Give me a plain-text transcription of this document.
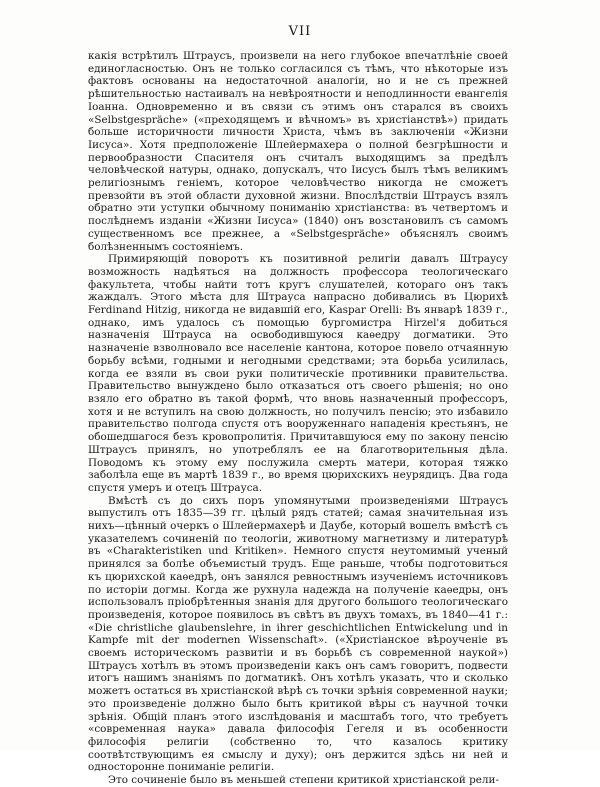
VII

какія встрѣтилъ Штраусъ, произвели на него глубокое впечатлѣніе своей единогласностью. Онъ не только согласился съ тѣмъ, что нѣкоторые изъ фактовъ основаны на недостаточной аналогіи, но и не съ прежней рѣшительностью настаивалъ на невѣроятности и неподлинности евангелія Іоанна. Одновременно и въ связи съ этимъ онъ старался въ своихъ «Selbstgespräche» («преходящемъ и вѣчномъ» въ христіанствѣ») придать больше историчности личности Христа, чѣмъ въ заключеніи «Жизни Іисуса». Хотя предположеніе Шлейермахера о полной безгрѣшности и первообразности Спасителя онъ считалъ выходящимъ за предѣлъ человѣческой натуры, однако, допускалъ, что Іисусъ былъ тѣмъ великимъ религіознымъ геніемъ, которое человѣчество никогда не сможетъ превзойти въ этой области духовной жизни. Впослѣдствіи Штраусъ взялъ обратно эти уступки обычному пониманію христіанства: въ четвертомъ и послѣднемъ изданіи «Жизни Іисуса» (1840) онъ возстановилъ съ самомъ существенномъ все прежнее, а «Selbstgespräche» объяснялъ своимъ болѣзненнымъ состояніемъ.

Примиряющій поворотъ къ позитивной религіи давалъ Штраусу возможность надѣяться на должность профессора теологическаго факультета, чтобы найти тотъ кругъ слушателей, котораго онъ такъ жаждалъ. Этого мѣста для Штрауса напрасно добивались въ Цюрихѣ Ferdinand Hitzig, никогда не видавшій его, Kaspar Orelli: Въ январѣ 1839 г., однако, имъ удалось съ помощью бургомистра Hirzel'я добиться назначенія Штрауса на освободившуюся каѳедру догматики. Это назначеніе взволновало все населеніе кантона, которое повело отчаянную борьбу всѣми, годными и негодными средствами; эта борьба усилилась, когда ее взяли въ свои руки политическіе противники правительства. Правительство вынуждено было отказаться отъ своего рѣшенія; но оно взяло его обратно въ такой формѣ, что вновь назначенный профессоръ, хотя и не вступилъ на свою должность, но получилъ пенсію; это избавило правительство полгода спустя отъ вооруженнаго нападенія крестьянъ, не обошедшагося безъ кровопролитія. Причитавшуюся ему по закону пенсію Штраусъ принялъ, но употреблялъ ее на благотворительныя дѣла. Поводомъ къ этому ему послужила смерть матери, которая тяжко заболѣла еще въ мартѣ 1839 г., во время цюрихскихъ неурядицъ. Два года спустя умеръ и отецъ Штрауса.

Вмѣстѣ съ до сихъ поръ упомянутыми произведеніями Штраусъ выпустилъ отъ 1835—39 гг. цѣлый рядъ статей; самая значительная изъ нихъ—цѣнный очеркъ о Шлейермахерѣ и Даубе, который вошелъ вмѣстѣ съ указателемъ сочиненій по теологіи, животному магнетизму и литературѣ въ «Charakteristiken und Kritiken». Немного спустя неутомимый ученый принялся за болѣе объемистый трудъ. Еще раньше, чтобы подготовиться къ цюрихской каѳедрѣ, онъ занялся ревностнымъ изученіемъ источниковъ по исторіи догмы. Когда же рухнула надежда на полученіе каѳедры, онъ использовалъ пріобрѣтенныя знанія для другого большого теологическаго произведенія, которое появилось въ свѣтъ въ двухъ томахъ, въ 1840—41 г.: «Die christliche glaubenslehre, in ihrer geschichtlichen Entwickelung und in Kampfe mit der modernen Wissenschaft». («Христіанское вѣроученіе въ своемъ историческомъ развитіи и въ борьбѣ съ современной наукой») Штраусъ хотѣлъ въ этомъ произведеніи какъ онъ самъ говоритъ, подвести итогъ нашимъ знаніямъ по догматикѣ. Онъ хотѣлъ указать, что и сколько можетъ остаться въ христіанской вѣрѣ съ точки зрѣнія современной науки; это произведеніе должно было быть критикой вѣры съ научной точки зрѣнія. Общій планъ этого изслѣдованія и масштабъ того, что требуетъ «современная наука» давала философія Гегеля и въ особенности философія религіи (собственно то, что казалось критику соотвѣтствующимъ ея смыслу и духу); онъ держится здѣсь ни ней и односторонне пониманіе религіи.

Это сочиненіе было въ меньшей степени критикой христіанской рели-
